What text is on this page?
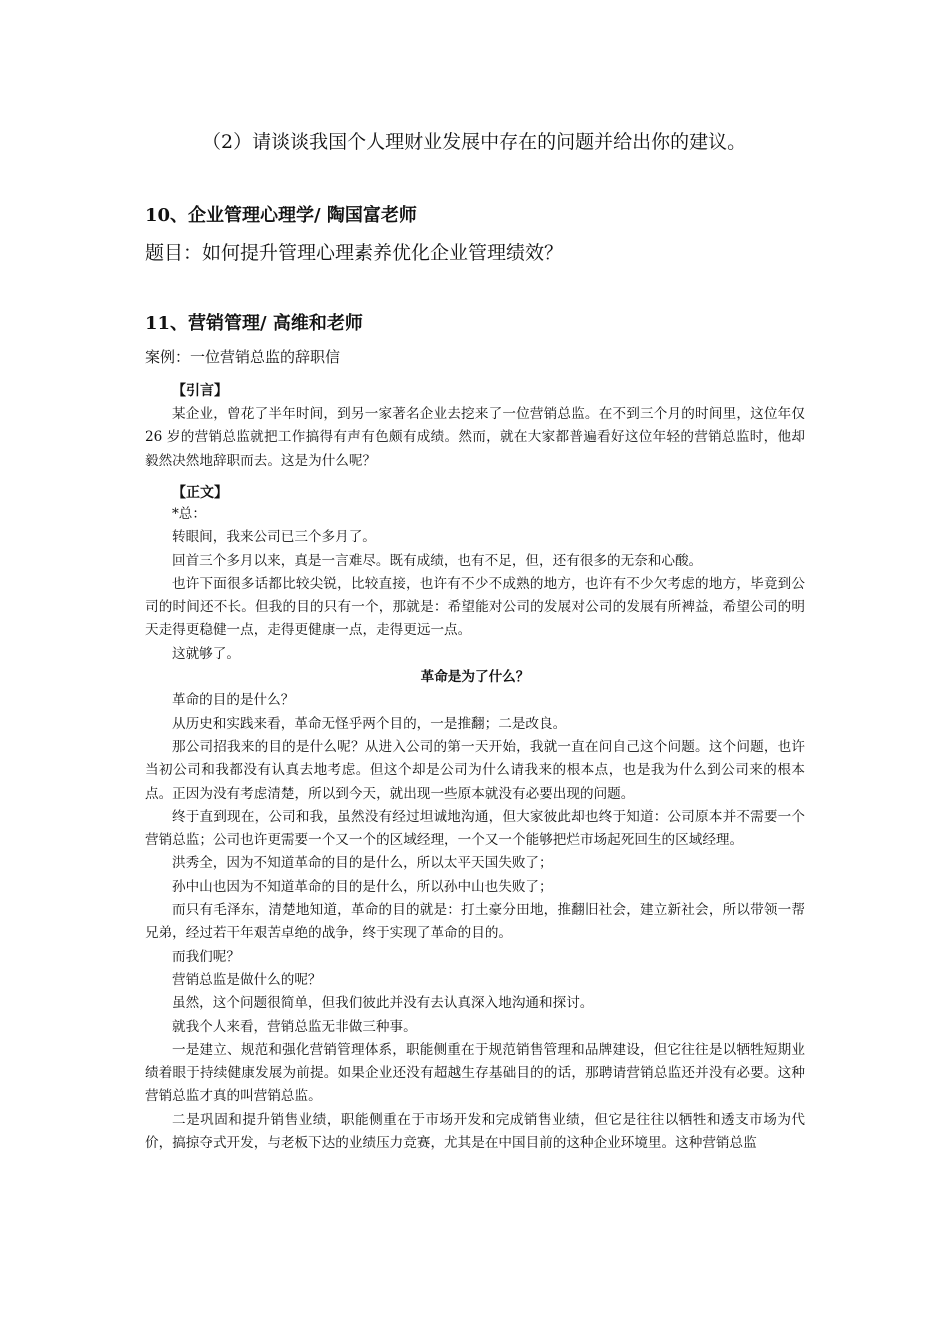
（2）请谈谈我国个人理财业发展中存在的问题并给出你的建议。

10、企业管理心理学/ 陶国富老师

题目：如何提升管理心理素养优化企业管理绩效？

11、营销管理/ 高维和老师

案例：一位营销总监的辞职信

【引言】

某企业，曾花了半年时间，到另一家著名企业去挖来了一位营销总监。在不到三个月的时间里，这位年仅 26 岁的营销总监就把工作搞得有声有色颇有成绩。然而，就在大家都普遍看好这位年轻的营销总监时，他却毅然决然地辞职而去。这是为什么呢？

【正文】

*总：

转眼间，我来公司已三个多月了。

回首三个多月以来，真是一言难尽。既有成绩，也有不足，但，还有很多的无奈和心酸。

也许下面很多话都比较尖锐，比较直接，也许有不少不成熟的地方，也许有不少欠考虑的地方，毕竟到公司的时间还不长。但我的目的只有一个，那就是：希望能对公司的发展对公司的发展有所裨益，希望公司的明天走得更稳健一点，走得更健康一点，走得更远一点。

这就够了。

革命是为了什么？

革命的目的是什么？

从历史和实践来看，革命无怪乎两个目的，一是推翻；二是改良。

那公司招我来的目的是什么呢？从进入公司的第一天开始，我就一直在问自己这个问题。这个问题，也许当初公司和我都没有认真去地考虑。但这个却是公司为什么请我来的根本点，也是我为什么到公司来的根本点。正因为没有考虑清楚，所以到今天，就出现一些原本就没有必要出现的问题。

终于直到现在，公司和我，虽然没有经过坦诚地沟通，但大家彼此却也终于知道：公司原本并不需要一个营销总监；公司也许更需要一个又一个的区域经理，一个又一个能够把烂市场起死回生的区域经理。

洪秀全，因为不知道革命的目的是什么，所以太平天国失败了；

孙中山也因为不知道革命的目的是什么，所以孙中山也失败了；

而只有毛泽东，清楚地知道，革命的目的就是：打土豪分田地，推翻旧社会，建立新社会，所以带领一帮兄弟，经过若干年艰苦卓绝的战争，终于实现了革命的目的。

而我们呢？

营销总监是做什么的呢？

虽然，这个问题很简单，但我们彼此并没有去认真深入地沟通和探讨。

就我个人来看，营销总监无非做三种事。

一是建立、规范和强化营销管理体系，职能侧重在于规范销售管理和品牌建设，但它往往是以牺牲短期业绩着眼于持续健康发展为前提。如果企业还没有超越生存基础目的的话，那聘请营销总监还并没有必要。这种营销总监才真的叫营销总监。

二是巩固和提升销售业绩，职能侧重在于市场开发和完成销售业绩，但它是往往以牺牲和透支市场为代价，搞掠夺式开发，与老板下达的业绩压力竞赛，尤其是在中国目前的这种企业环境里。这种营销总监
